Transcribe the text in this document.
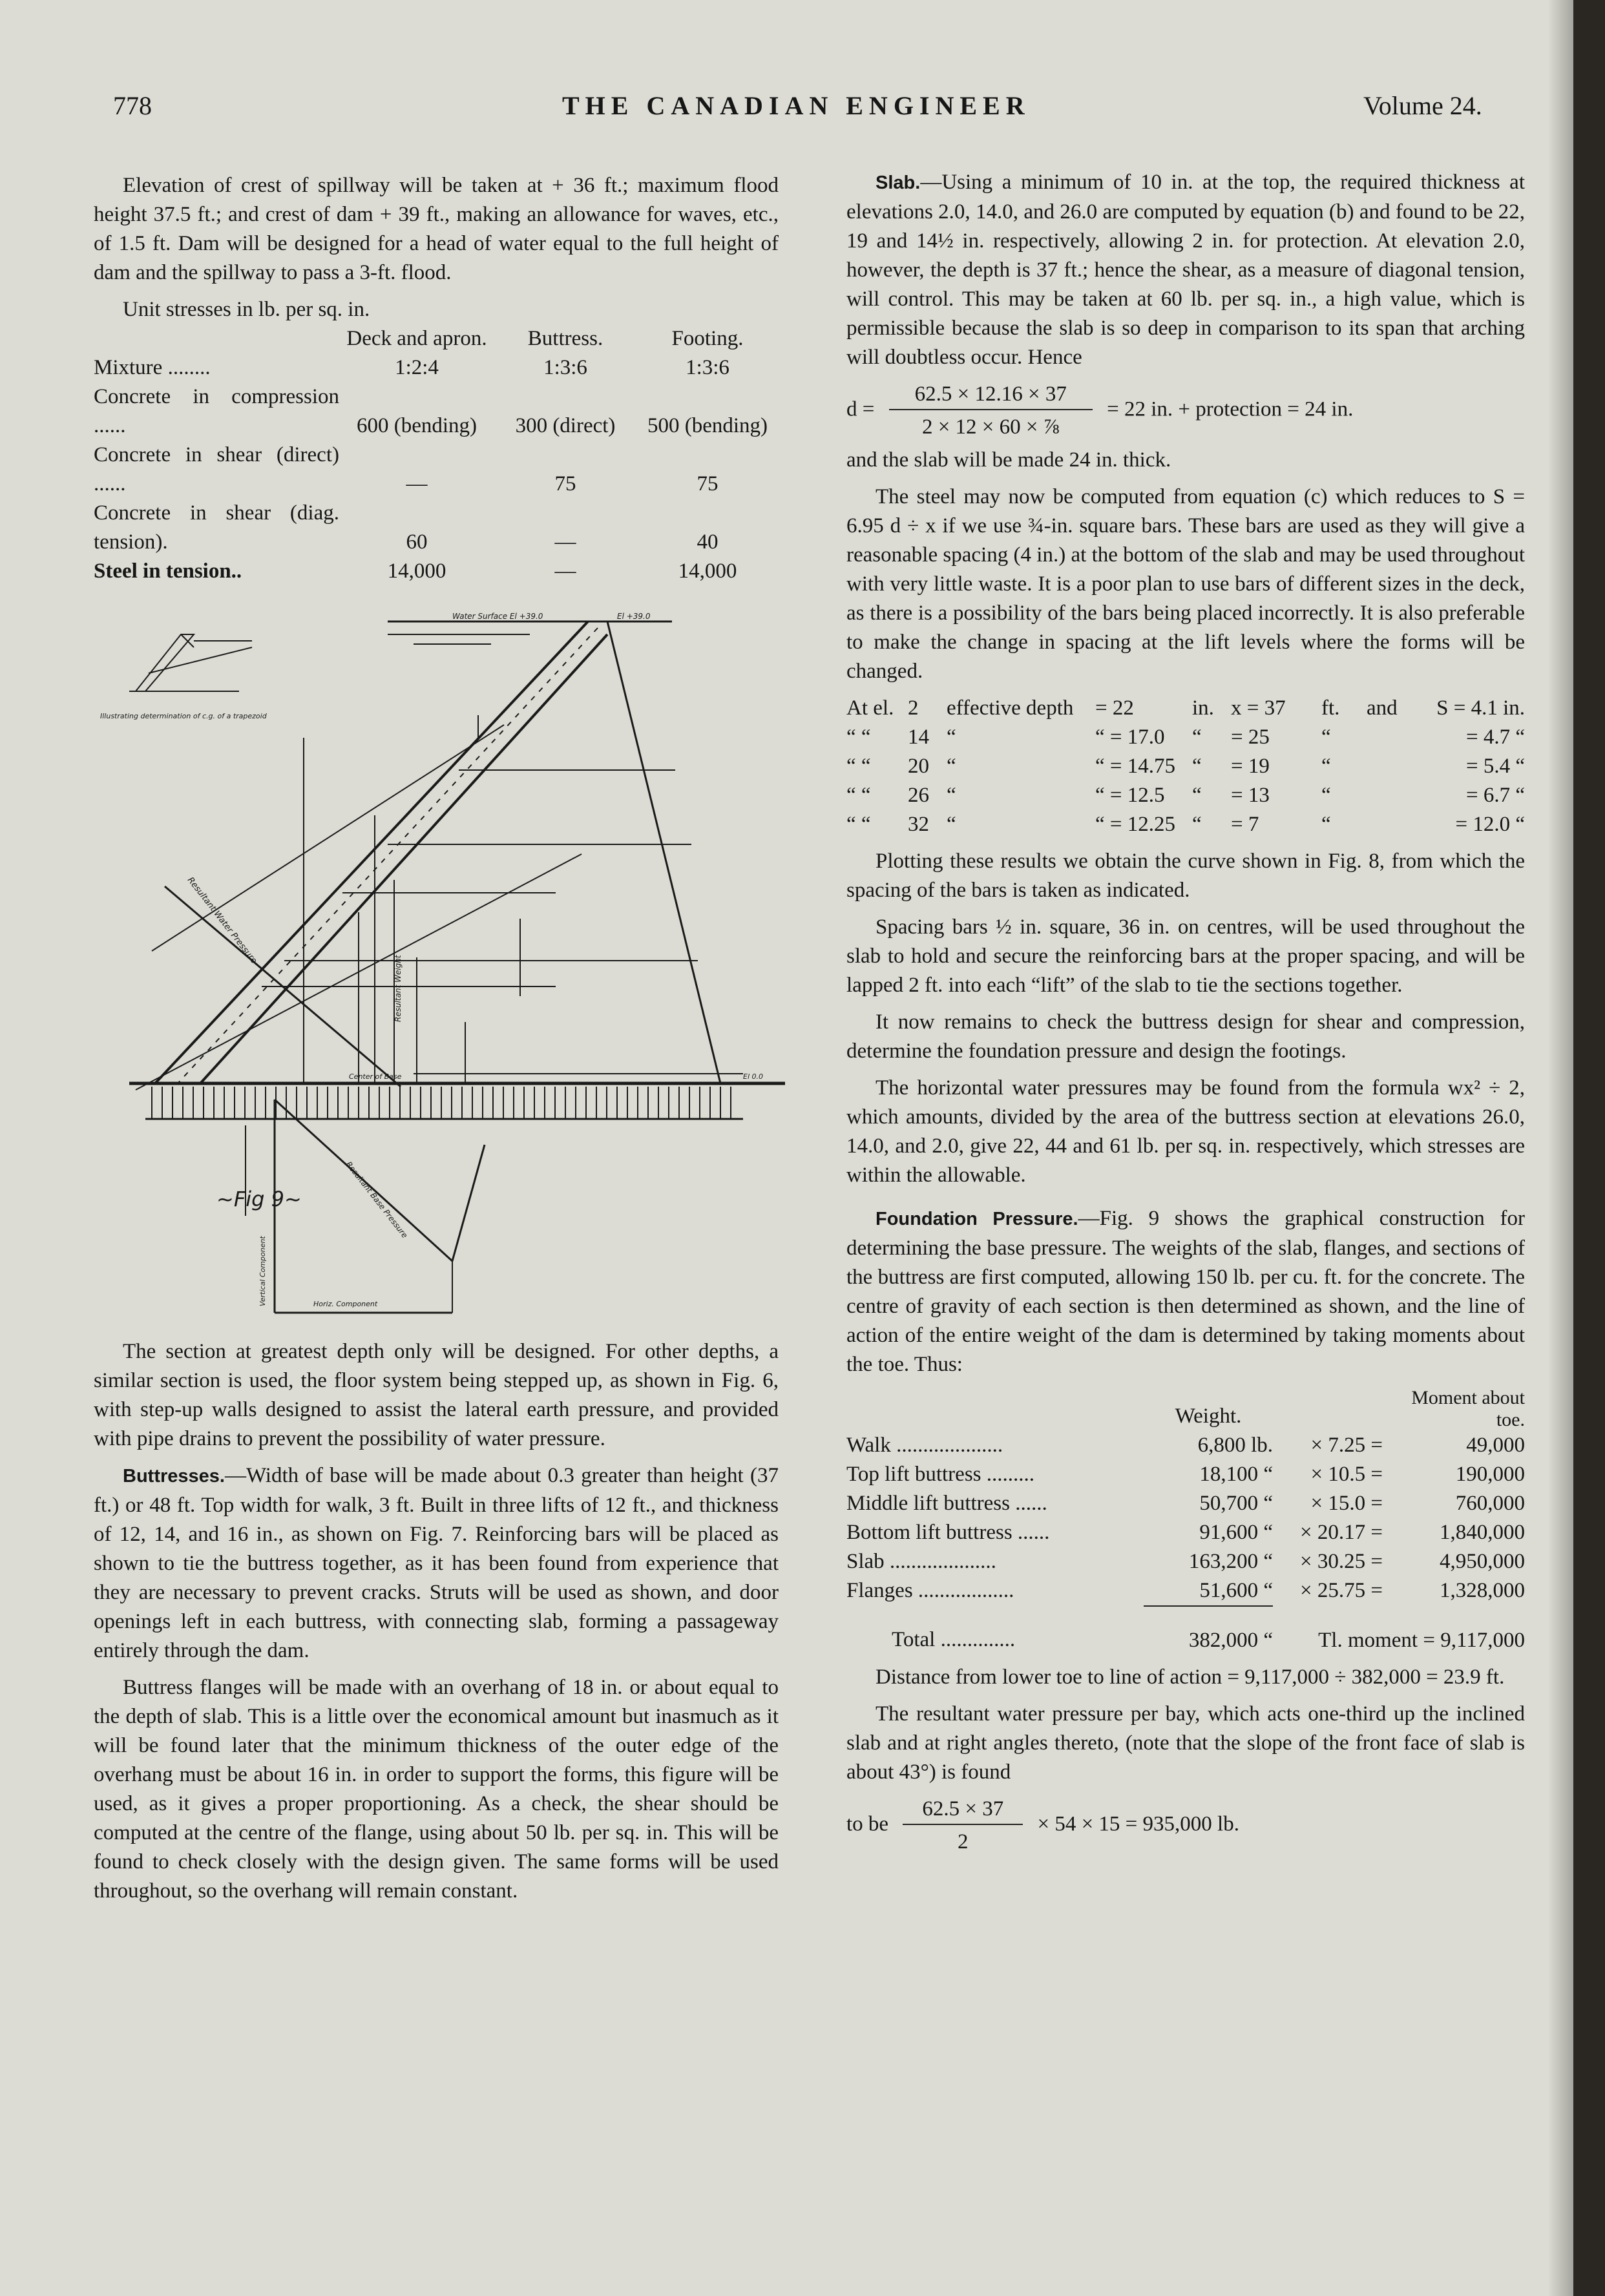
778	THE CANADIAN ENGINEER	Volume 24.

Elevation of crest of spillway will be taken at + 36 ft.; maximum flood height 37.5 ft.; and crest of dam + 39 ft., making an allowance for waves, etc., of 1.5 ft. Dam will be designed for a head of water equal to the full height of dam and the spillway to pass a 3-ft. flood.

Unit stresses in lb. per sq. in.

	Deck and apron.	Buttress.	Footing.
Mixture ........	1:2:4	1:3:6	1:3:6
Concrete in compression ......	600 (bending)	300 (direct)	500 (bending)
Concrete in shear (direct) ......	—	75	75
Concrete in shear (diag. tension).	60	—	40
Steel in tension..	14,000	—	14,000
Water Surface El +39.0	El +39.0
Illustrating determination of c.g. of a trapezoid
Resultant Water Pressure
Resultant Weight
Resultant Base Pressure
Vertical Component	Horiz. Component
Center of Base	El 0.0
~Fig 9~

The section at greatest depth only will be designed. For other depths, a similar section is used, the floor system being stepped up, as shown in Fig. 6, with step-up walls designed to assist the lateral earth pressure, and provided with pipe drains to prevent the possibility of water pressure.

Buttresses.—Width of base will be made about 0.3 greater than height (37 ft.) or 48 ft. Top width for walk, 3 ft. Built in three lifts of 12 ft., and thickness of 12, 14, and 16 in., as shown on Fig. 7. Reinforcing bars will be placed as shown to tie the buttress together, as it has been found from experience that they are necessary to prevent cracks. Struts will be used as shown, and door openings left in each buttress, with connecting slab, forming a passageway entirely through the dam.

Buttress flanges will be made with an overhang of 18 in. or about equal to the depth of slab. This is a little over the economical amount but inasmuch as it will be found later that the minimum thickness of the outer edge of the overhang must be about 16 in. in order to support the forms, this figure will be used, as it gives a proper proportioning. As a check, the shear should be computed at the centre of the flange, using about 50 lb. per sq. in. This will be found to check closely with the design given. The same forms will be used throughout, so the overhang will remain constant.

Slab.—Using a minimum of 10 in. at the top, the required thickness at elevations 2.0, 14.0, and 26.0 are computed by equation (b) and found to be 22, 19 and 14½ in. respectively, allowing 2 in. for protection. At elevation 2.0, however, the depth is 37 ft.; hence the shear, as a measure of diagonal tension, will control. This may be taken at 60 lb. per sq. in., a high value, which is permissible because the slab is so deep in comparison to its span that arching will doubtless occur. Hence

$d = \frac{62.5 \times 12.16 \times 37}{\text{2 × 12 × 60 × ⅞}} = 22$ in. + protection = 24 in.

and the slab will be made 24 in. thick.

The steel may now be computed from equation (c) which reduces to S = 6.95 d ÷ x if we use ¾-in. square bars. These bars are used as they will give a reasonable spacing (4 in.) at the bottom of the slab and may be used throughout with very little waste. It is a poor plan to use bars of different sizes in the deck, as there is a possibility of the bars being placed incorrectly. It is also preferable to make the change in spacing at the lift levels where the forms will be changed.

At el.	2	effective depth	= 22	in.	x = 37	ft.	and	S = 4.1 in.
“ “	14	“	“ = 17.0	“	= 25	“		= 4.7 “
“ “	20	“	“ = 14.75	“	= 19	“		= 5.4 “
“ “	26	“	“ = 12.5	“	= 13	“		= 6.7 “
“ “	32	“	“ = 12.25	“	= 7	“		= 12.0 “

Plotting these results we obtain the curve shown in Fig. 8, from which the spacing of the bars is taken as indicated.

Spacing bars ½ in. square, 36 in. on centres, will be used throughout the slab to hold and secure the reinforcing bars at the proper spacing, and will be lapped 2 ft. into each “lift” of the slab to tie the sections together.

It now remains to check the buttress design for shear and compression, determine the foundation pressure and design the footings.

The horizontal water pressures may be found from the formula wx² ÷ 2, which amounts, divided by the area of the buttress section at elevations 26.0, 14.0, and 2.0, give 22, 44 and 61 lb. per sq. in. respectively, which stresses are within the allowable.

Foundation Pressure.—Fig. 9 shows the graphical construction for determining the base pressure. The weights of the slab, flanges, and sections of the buttress are first computed, allowing 150 lb. per cu. ft. for the concrete. The centre of gravity of each section is then determined as shown, and the line of action of the entire weight of the dam is determined by taking moments about the toe. Thus:

	Weight.		Moment about toe.
Walk ....................	6,800 lb.	× 7.25 =	49,000
Top lift buttress .........	18,100 “	× 10.5 =	190,000
Middle lift buttress ......	50,700 “	× 15.0 =	760,000
Bottom lift buttress ......	91,600 “	× 20.17 =	1,840,000
Slab ....................	163,200 “	× 30.25 =	4,950,000
Flanges ..................	51,600 “	× 25.75 =	1,328,000
Total ..............	382,000 “	Tl. moment = 9,117,000	

Distance from lower toe to line of action = 9,117,000 ÷ 382,000 = 23.9 ft.

The resultant water pressure per bay, which acts one-third up the inclined slab and at right angles thereto, (note that the slope of the front face of slab is about 43°) is found

to be $\frac{62.5 \times 37}{2} \times 54 \times 15 = 935,000$ lb.
